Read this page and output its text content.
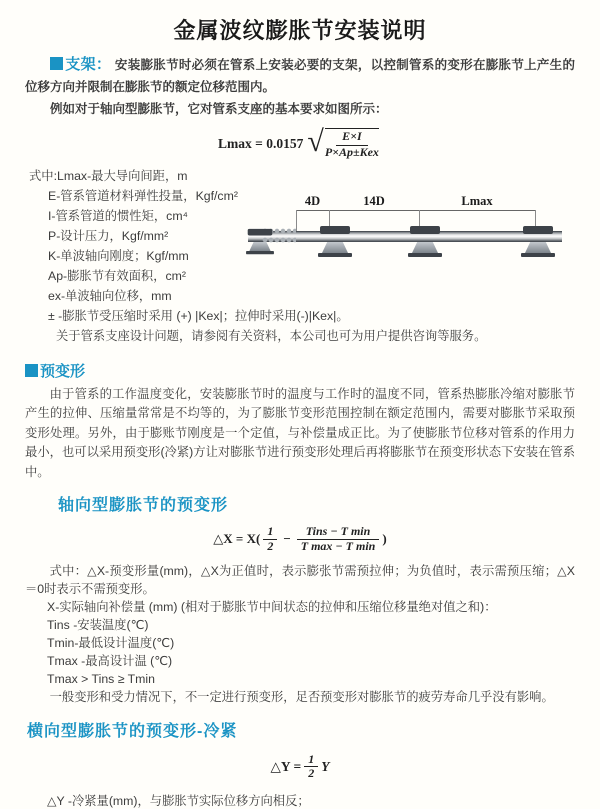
金属波纹膨胀节安装说明

支架： 安装膨胀节时必须在管系上安装必要的支架，以控制管系的变形在膨胀节上产生的位移方向并限制在膨胀节的额定位移范围内。

例如对于轴向型膨胀节，它对管系支座的基本要求如图所示：

Lmax = 0.0157 √ $\frac{E\times I}{\text{P×Ap±Kex}}$
式中:Lmax-最大导向间距，m
E-管系管道材料弹性投量，Kgf/cm²
I-管系管道的惯性矩，cm⁴
P-设计压力，Kgf/mm²
K-单波轴向刚度；Kgf/mm
Ap-膨胀节有效面积，cm²
ex-单波轴向位移，mm
± -膨胀节受压缩时采用 (+) |Kex|；拉伸时采用(-)|Kex|。
关于管系支座设计问题，请参阅有关资料，本公司也可为用户提供咨询等服务。
4D	14D	Lmax
预变形

由于管系的工作温度变化，安装膨胀节时的温度与工作时的温度不同，管系热膨胀冷缩对膨胀节产生的拉伸、压缩量常常是不均等的，为了膨胀节变形范围控制在额定范围内，需要对膨胀节采取预变形处理。另外，由于膨账节刚度是一个定值，与补偿量成正比。为了使膨胀节位移对管系的作用力最小，也可以采用预变形(冷紧)方让对膨胀节进行预变形处理后再将膨胀节在预变形状态下安装在管系中。

轴向型膨胀节的预变形
△X = $X( \frac{1}{2} - \frac{\text{Tins − T min}}{\text{T max − T min}}$ )

式中：△X-预变形量(mm)，△X为正值时，表示膨张节需预拉伸；为负值时，表示需预压缩；△X＝0时表示不需预变形。

X-实际轴向补偿量 (mm) (相对于膨胀节中间状态的拉伸和压缩位移量绝对值之和)：
Tins -安装温度(℃)
Tmin-最低设计温度(℃)
Tmax -最高设计温 (℃)
Tmax > Tins ≥ Tmin

一般变形和受力情况下，不一定进行预变形，足否预变形对膨胀节的疲劳寿命几乎没有影响。

横向型膨胀节的预变形-冷紧
△Y = $\frac{1}{2}$ Y
△Y -冷紧量(mm)，与膨胀节实际位移方向相反；
